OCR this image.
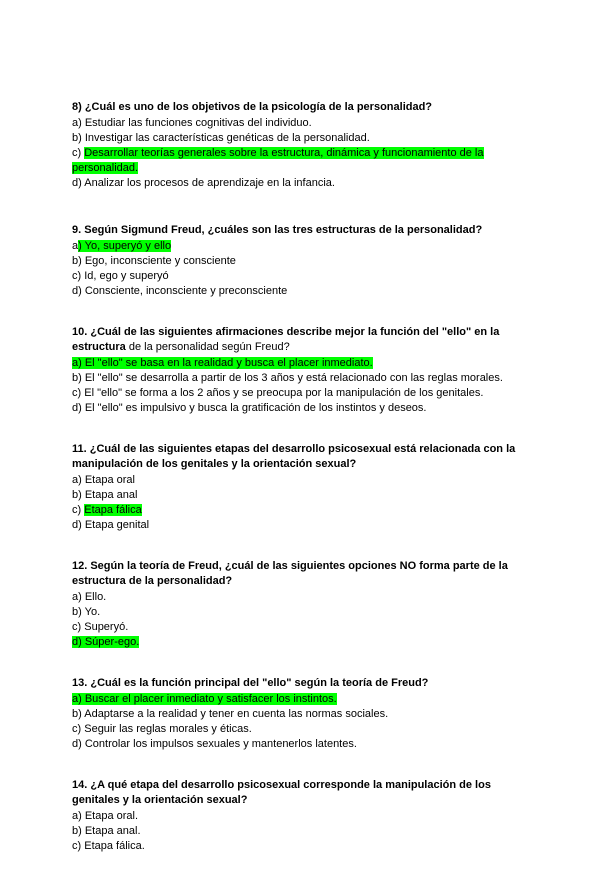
8) ¿Cuál es uno de los objetivos de la psicología de la personalidad?
a) Estudiar las funciones cognitivas del individuo.
b) Investigar las características genéticas de la personalidad.
c) Desarrollar teorías generales sobre la estructura, dinámica y funcionamiento de la personalidad.
d) Analizar los procesos de aprendizaje en la infancia.
9. Según Sigmund Freud, ¿cuáles son las tres estructuras de la personalidad?
a) Yo, superyó y ello
b) Ego, inconsciente y consciente
c) Id, ego y superyó
d) Consciente, inconsciente y preconsciente
10. ¿Cuál de las siguientes afirmaciones describe mejor la función del "ello" en la estructura de la personalidad según Freud?
a) El "ello" se basa en la realidad y busca el placer inmediato.
b) El "ello" se desarrolla a partir de los 3 años y está relacionado con las reglas morales.
c) El "ello" se forma a los 2 años y se preocupa por la manipulación de los genitales.
d) El "ello" es impulsivo y busca la gratificación de los instintos y deseos.
11. ¿Cuál de las siguientes etapas del desarrollo psicosexual está relacionada con la manipulación de los genitales y la orientación sexual?
a) Etapa oral
b) Etapa anal
c) Etapa fálica
d) Etapa genital
12. Según la teoría de Freud, ¿cuál de las siguientes opciones NO forma parte de la estructura de la personalidad?
a) Ello.
b) Yo.
c) Superyó.
d) Súper-ego.
13. ¿Cuál es la función principal del "ello" según la teoría de Freud?
a) Buscar el placer inmediato y satisfacer los instintos.
b) Adaptarse a la realidad y tener en cuenta las normas sociales.
c) Seguir las reglas morales y éticas.
d) Controlar los impulsos sexuales y mantenerlos latentes.
14. ¿A qué etapa del desarrollo psicosexual corresponde la manipulación de los genitales y la orientación sexual?
a) Etapa oral.
b) Etapa anal.
c) Etapa fálica.
